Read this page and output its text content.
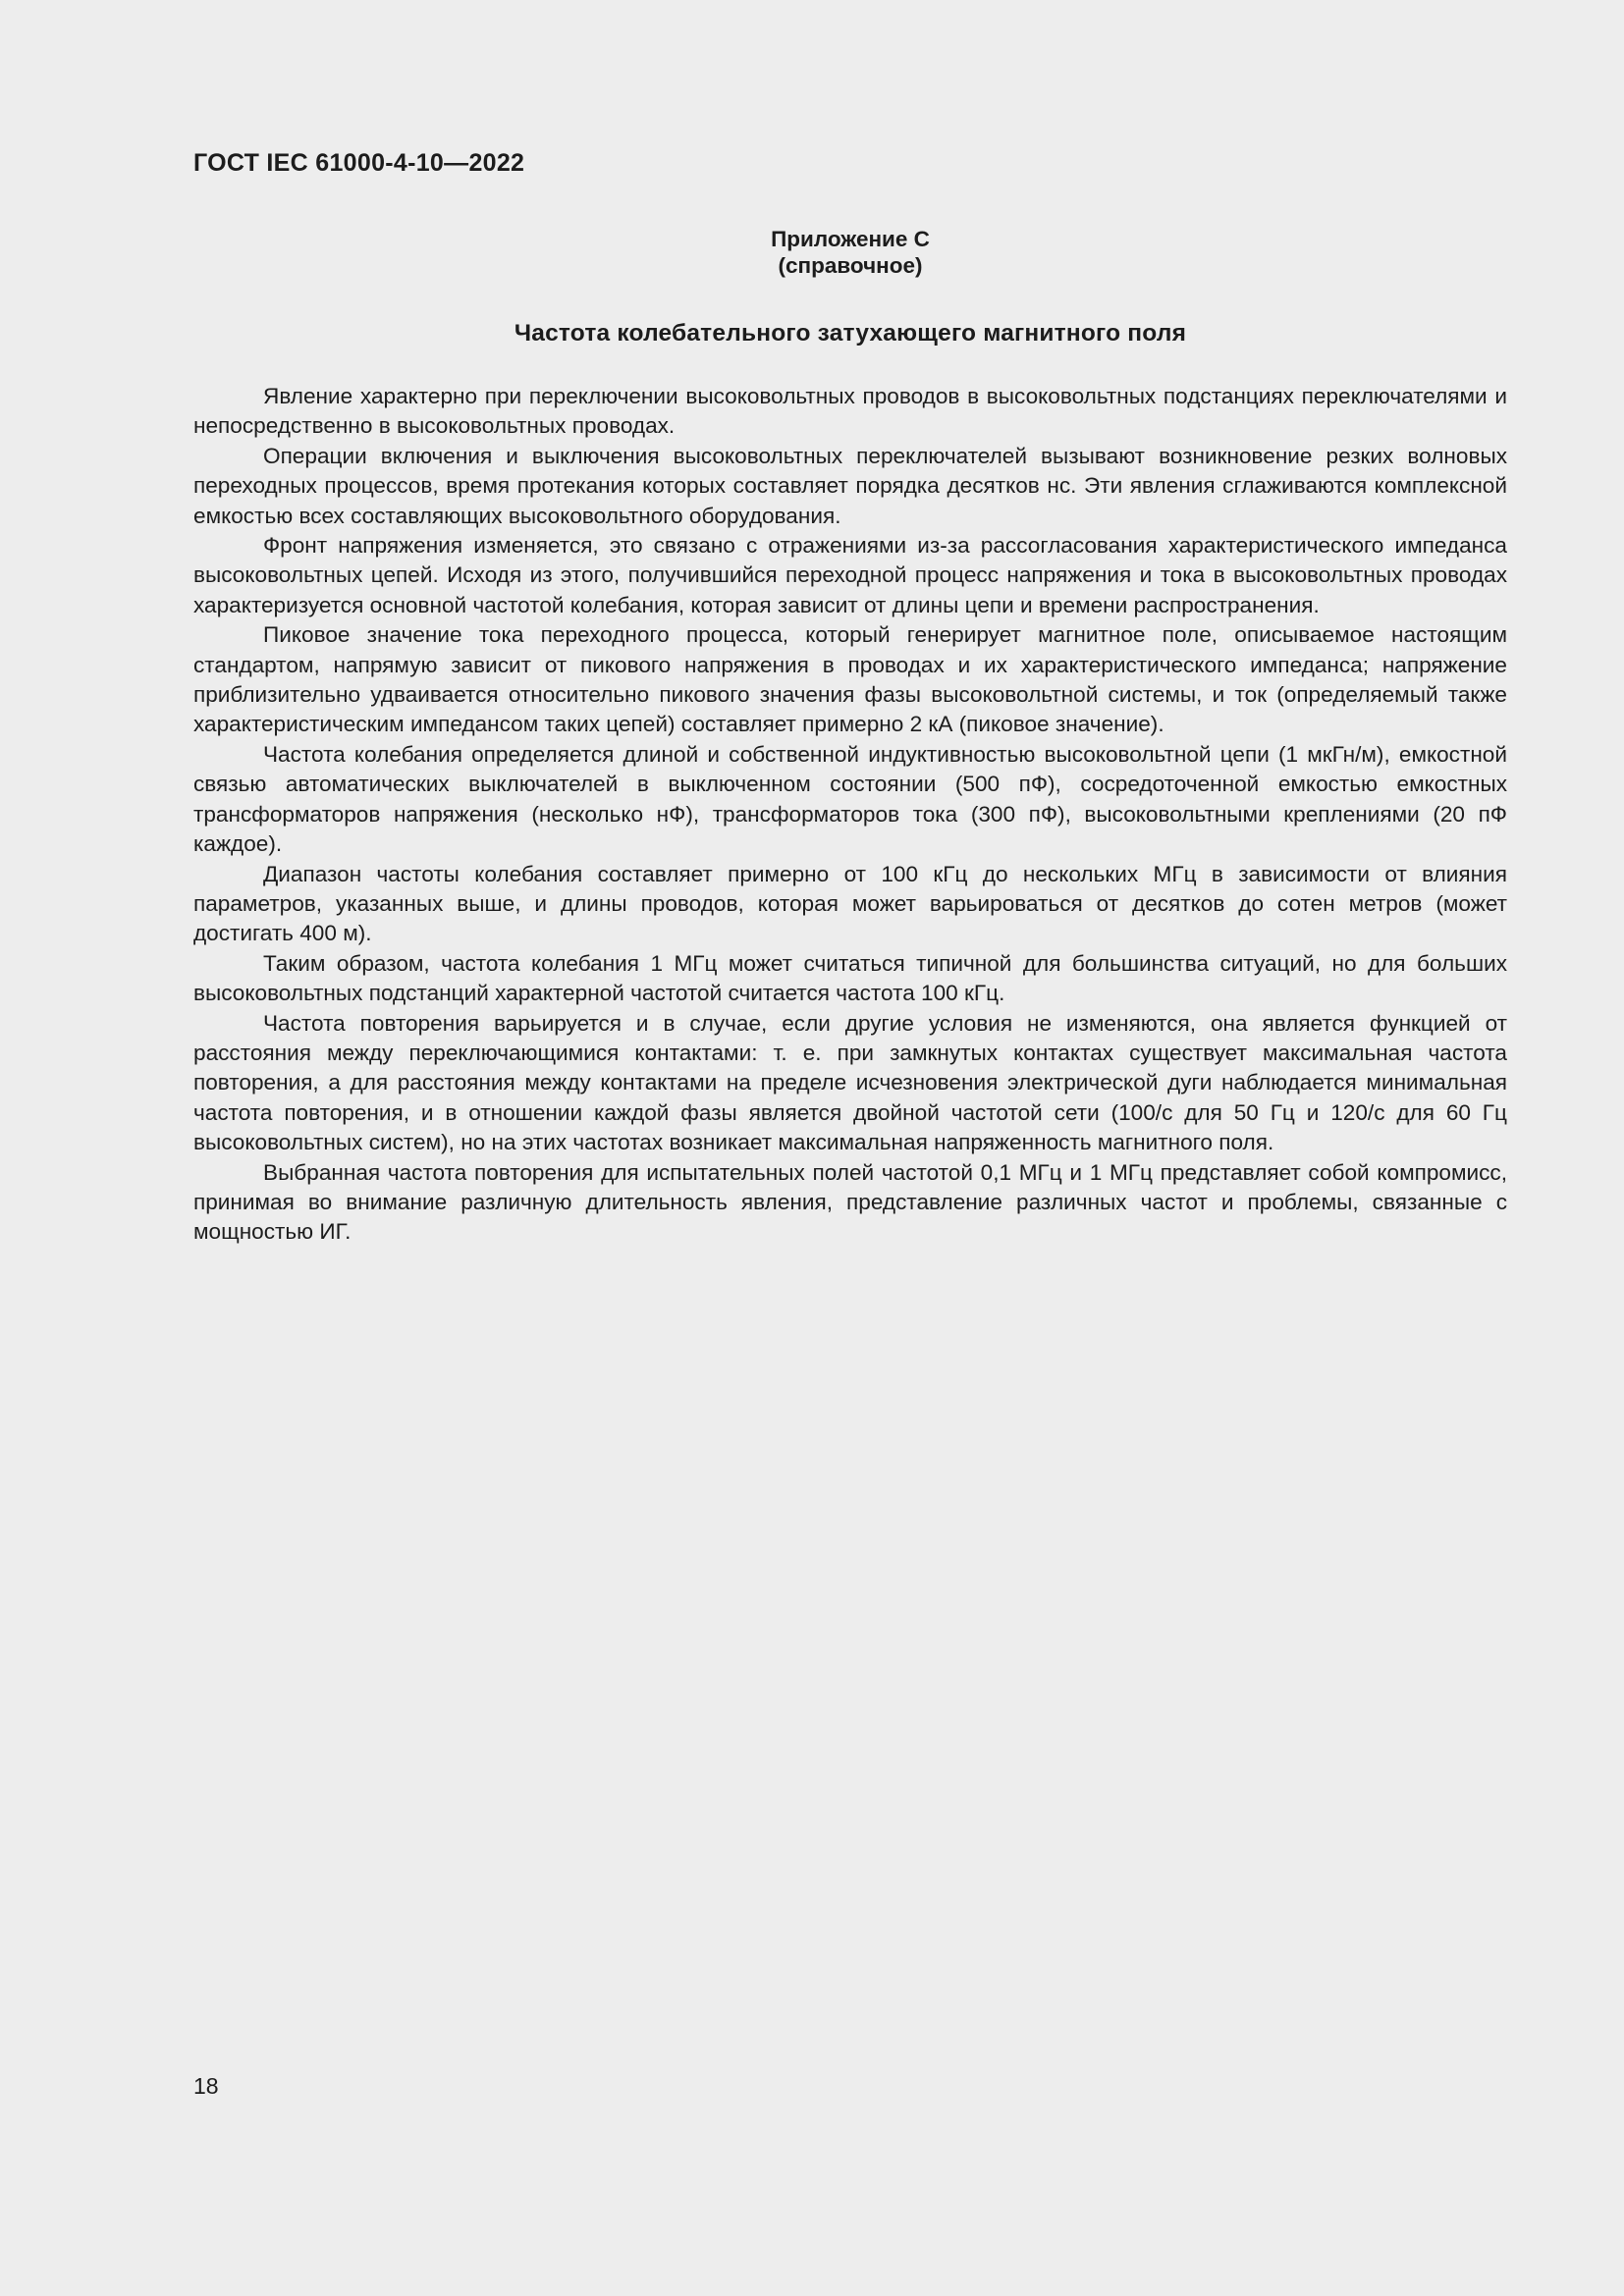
ГОСТ IEC 61000-4-10—2022
Приложение С
(справочное)
Частота колебательного затухающего магнитного поля

Явление характерно при переключении высоковольтных проводов в высоковольтных подстанциях переключателями и непосредственно в высоковольтных проводах.

Операции включения и выключения высоковольтных переключателей вызывают возникновение резких волновых переходных процессов, время протекания которых составляет порядка десятков нс. Эти явления сглаживаются комплексной емкостью всех составляющих высоковольтного оборудования.

Фронт напряжения изменяется, это связано с отражениями из-за рассогласования характеристического импеданса высоковольтных цепей. Исходя из этого, получившийся переходной процесс напряжения и тока в высоковольтных проводах характеризуется основной частотой колебания, которая зависит от длины цепи и времени распространения.

Пиковое значение тока переходного процесса, который генерирует магнитное поле, описываемое настоящим стандартом, напрямую зависит от пикового напряжения в проводах и их характеристического импеданса; напряжение приблизительно удваивается относительно пикового значения фазы высоковольтной системы, и ток (определяемый также характеристическим импедансом таких цепей) составляет примерно 2 кА (пиковое значение).

Частота колебания определяется длиной и собственной индуктивностью высоковольтной цепи (1 мкГн/м), емкостной связью автоматических выключателей в выключенном состоянии (500 пФ), сосредоточенной емкостью емкостных трансформаторов напряжения (несколько нФ), трансформаторов тока (300 пФ), высоковольтными креплениями (20 пФ каждое).

Диапазон частоты колебания составляет примерно от 100 кГц до нескольких МГц в зависимости от влияния параметров, указанных выше, и длины проводов, которая может варьироваться от десятков до сотен метров (может достигать 400 м).

Таким образом, частота колебания 1 МГц может считаться типичной для большинства ситуаций, но для больших высоковольтных подстанций характерной частотой считается частота 100 кГц.

Частота повторения варьируется и в случае, если другие условия не изменяются, она является функцией от расстояния между переключающимися контактами: т. е. при замкнутых контактах существует максимальная частота повторения, а для расстояния между контактами на пределе исчезновения электрической дуги наблюдается минимальная частота повторения, и в отношении каждой фазы является двойной частотой сети (100/с для 50 Гц и 120/с для 60 Гц высоковольтных систем), но на этих частотах возникает максимальная напряженность магнитного поля.

Выбранная частота повторения для испытательных полей частотой 0,1 МГц и 1 МГц представляет собой компромисс, принимая во внимание различную длительность явления, представление различных частот и проблемы, связанные с мощностью ИГ.

18
